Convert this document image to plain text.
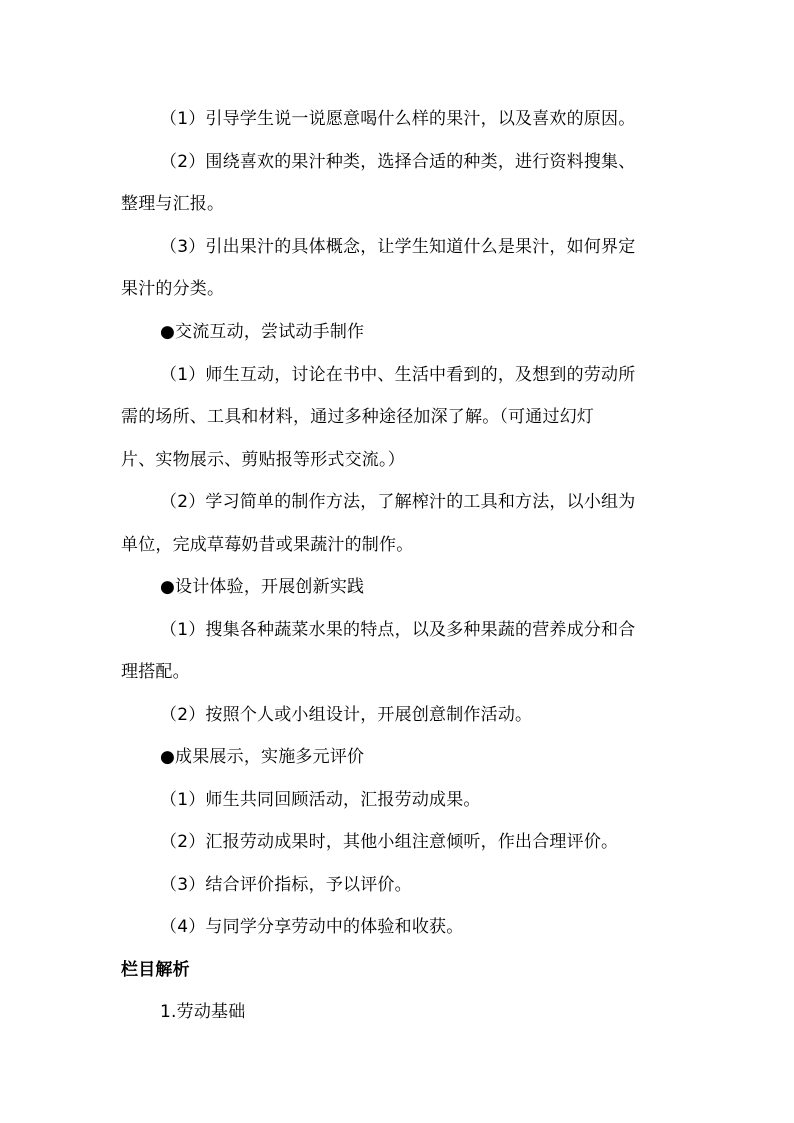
（1）引导学生说一说愿意喝什么样的果汁，以及喜欢的原因。
（2）围绕喜欢的果汁种类，选择合适的种类，进行资料搜集、
整理与汇报。
（3）引出果汁的具体概念，让学生知道什么是果汁，如何界定
果汁的分类。
●交流互动，尝试动手制作
（1）师生互动，讨论在书中、生活中看到的，及想到的劳动所
需的场所、工具和材料，通过多种途径加深了解。（可通过幻灯
片、实物展示、剪贴报等形式交流。）
（2）学习简单的制作方法，了解榨汁的工具和方法，以小组为
单位，完成草莓奶昔或果蔬汁的制作。
●设计体验，开展创新实践
（1）搜集各种蔬菜水果的特点，以及多种果蔬的营养成分和合
理搭配。
（2）按照个人或小组设计，开展创意制作活动。
●成果展示，实施多元评价
（1）师生共同回顾活动，汇报劳动成果。
（2）汇报劳动成果时，其他小组注意倾听，作出合理评价。
（3）结合评价指标，予以评价。
（4）与同学分享劳动中的体验和收获。
栏目解析
1.劳动基础
